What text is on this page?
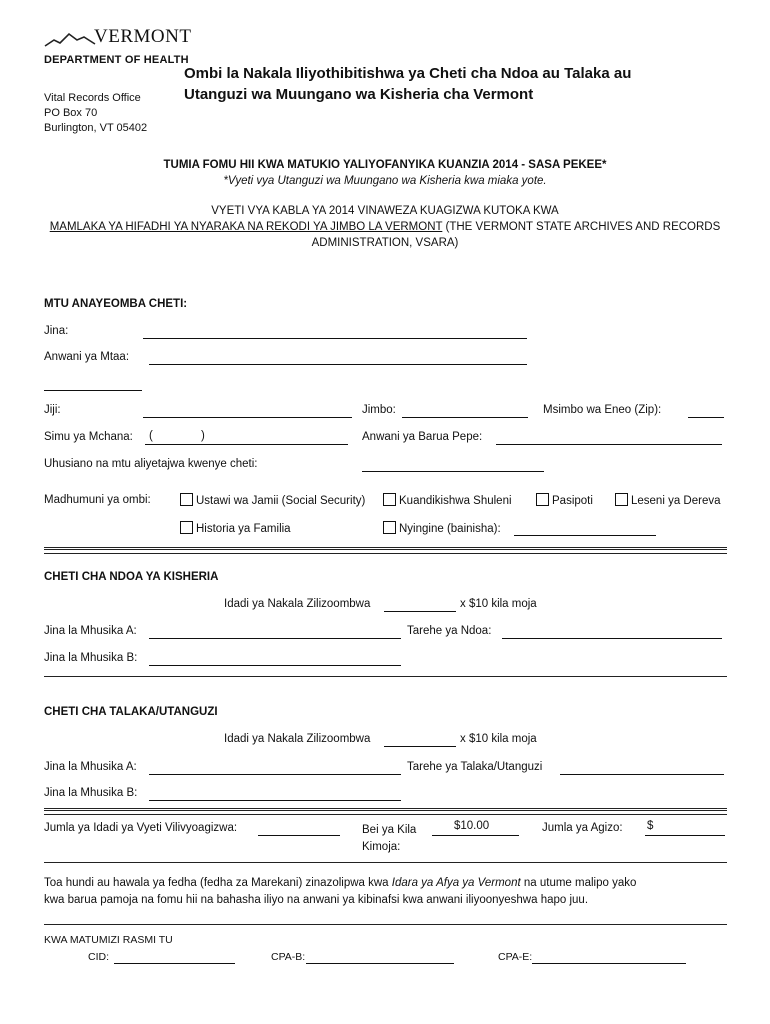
VERMONT
DEPARTMENT OF HEALTH
Vital Records Office
PO Box 70
Burlington, VT 05402
Ombi la Nakala Iliyothibitishwa ya Cheti cha Ndoa au Talaka au
Utanguzi wa Muungano wa Kisheria cha Vermont
TUMIA FOMU HII KWA MATUKIO YALIYOFANYIKA KUANZIA 2014 - SASA PEKEE*
*Vyeti vya Utanguzi wa Muungano wa Kisheria kwa miaka yote.
VYETI VYA KABLA YA 2014 VINAWEZA KUAGIZWA KUTOKA KWA
MAMLAKA YA HIFADHI YA NYARAKA NA REKODI YA JIMBO LA VERMONT (THE VERMONT STATE ARCHIVES AND RECORDS
ADMINISTRATION, VSARA)
MTU ANAYEOMBA CHETI:
Jina:
Anwani ya Mtaa:
Jiji:	Jimbo:	Msimbo wa Eneo (Zip):
Simu ya Mchana: (	)	Anwani ya Barua Pepe:
Uhusiano na mtu aliyetajwa kwenye cheti:
Madhumuni ya ombi:	Ustawi wa Jamii (Social Security)	Kuandikishwa Shuleni	Pasipoti	Leseni ya Dereva
Historia ya Familia	Nyingine (bainisha):
CHETI CHA NDOA YA KISHERIA
Idadi ya Nakala Zilizoombwa	x $10 kila moja
Jina la Mhusika A:	Tarehe ya Ndoa:
Jina la Mhusika B:
CHETI CHA TALAKA/UTANGUZI
Idadi ya Nakala Zilizoombwa	x $10 kila moja
Jina la Mhusika A:	Tarehe ya Talaka/Utanguzi
Jina la Mhusika B:
Jumla ya Idadi ya Vyeti Vilivyoagizwa:	Bei ya Kila
Kimoja:
$10.00	Jumla ya Agizo: $
Toa hundi au hawala ya fedha (fedha za Marekani) zinazolipwa kwa Idara ya Afya ya Vermont na utume malipo yako
kwa barua pamoja na fomu hii na bahasha iliyo na anwani ya kibinafsi kwa anwani iliyoonyeshwa hapo juu.
KWA MATUMIZI RASMI TU
CID:	CPA-B:	CPA-E:
